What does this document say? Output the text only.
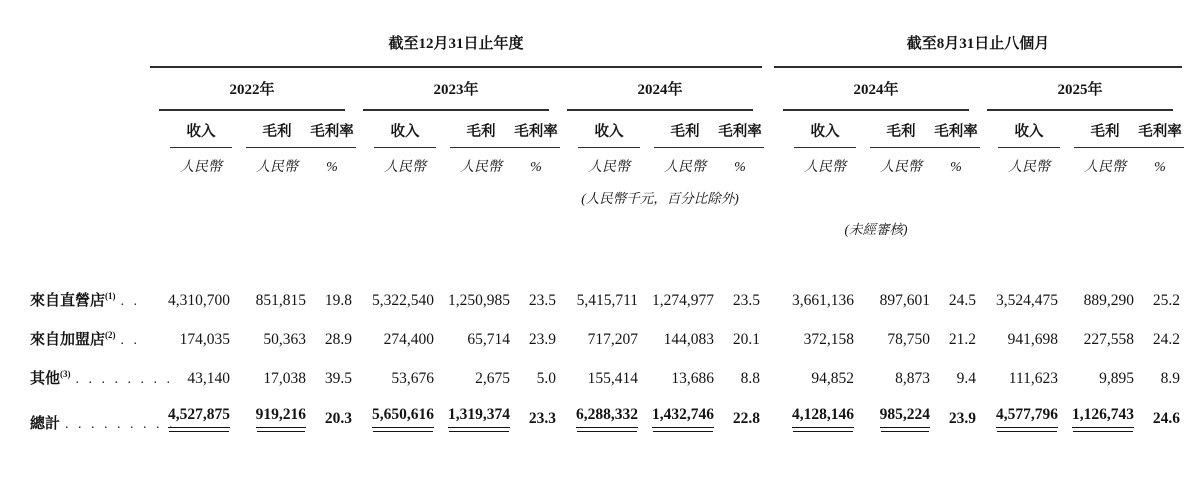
	截至12月31日止年度										截至8月31日止八個月						

	2022年			2023年			2024年				2024年			2025年			

	收入	毛利	毛利率	收入	毛利	毛利率	收入	毛利	毛利率		收入	毛利	毛利率	收入	毛利	毛利率	
	人民幣	人民幣	%	人民幣	人民幣	%	人民幣	人民幣	%		人民幣	人民幣	%	人民幣	人民幣	%	
							(人民幣千元，百分比除外)										
											(未經審核)						

來自直營店$^{(1)}$ . .	4,310,700	851,815	19.8	5,322,540	1,250,985	23.5	5,415,711	1,274,977	23.5		3,661,136	897,601	24.5	3,524,475	889,290	25.2	
來自加盟店$^{(2)}$ . .	174,035	50,363	28.9	274,400	65,714	23.9	717,207	144,083	20.1		372,158	78,750	21.2	941,698	227,558	24.2	
其他$^{(3)}$ . . . . . . . .	43,140	17,038	39.5	53,676	2,675	5.0	155,414	13,686	8.8		94,852	8,873	9.4	111,623	9,895	8.9	
總計 . . . . . . . . .	4,527,875	919,216	20.3	5,650,616	1,319,374	23.3	6,288,332	1,432,746	22.8		4,128,146	985,224	23.9	4,577,796	1,126,743	24.6	
